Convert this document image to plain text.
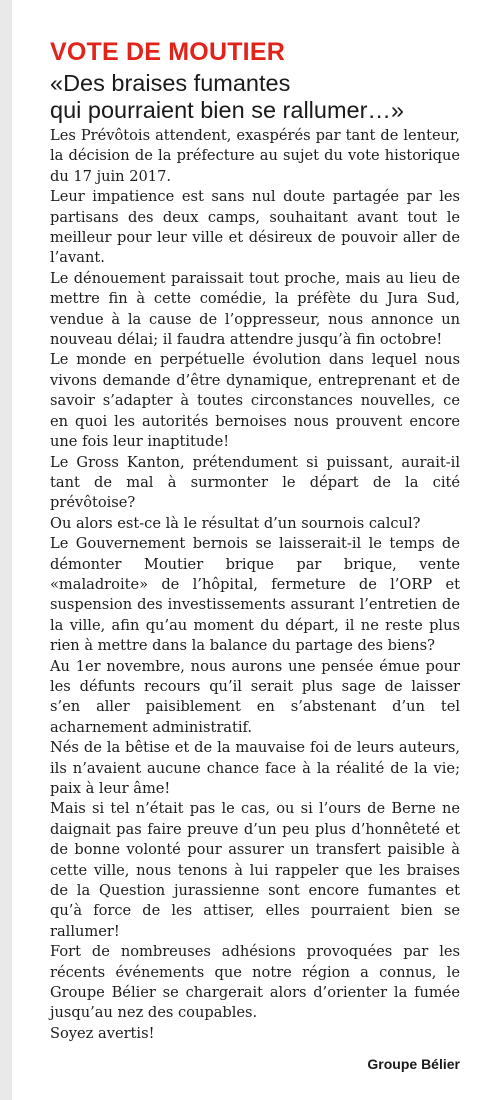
VOTE DE MOUTIER
«Des braises fumantes
qui pourraient bien se rallumer…»

Les Prévôtois attendent, exaspérés par tant de lenteur, la décision de la préfecture au sujet du vote historique du 17 juin 2017.

Leur impatience est sans nul doute partagée par les partisans des deux camps, souhaitant avant tout le meilleur pour leur ville et désireux de pouvoir aller de l’avant.

Le dénouement paraissait tout proche, mais au lieu de mettre fin à cette comédie, la préfète du Jura Sud, vendue à la cause de l’oppresseur, nous annonce un nouveau délai; il faudra attendre jusqu’à fin octobre!

Le monde en perpétuelle évolution dans lequel nous vivons demande d’être dynamique, entreprenant et de savoir s’adapter à toutes circonstances nouvelles, ce en quoi les autorités bernoises nous prouvent encore une fois leur inaptitude!

Le Gross Kanton, prétendument si puissant, aurait-il tant de mal à surmonter le départ de la cité prévôtoise?

Ou alors est-ce là le résultat d’un sournois calcul?

Le Gouvernement bernois se laisserait-il le temps de démonter Moutier brique par brique, vente «maladroite» de l’hôpital, fermeture de l’ORP et suspension des investissements assurant l’entretien de la ville, afin qu’au moment du départ, il ne reste plus rien à mettre dans la balance du partage des biens?

Au 1er novembre, nous aurons une pensée émue pour les défunts recours qu’il serait plus sage de laisser s’en aller paisiblement en s’abstenant d’un tel acharnement administratif.

Nés de la bêtise et de la mauvaise foi de leurs auteurs, ils n’avaient aucune chance face à la réalité de la vie; paix à leur âme!

Mais si tel n’était pas le cas, ou si l’ours de Berne ne daignait pas faire preuve d’un peu plus d’honnêteté et de bonne volonté pour assurer un transfert paisible à cette ville, nous tenons à lui rappeler que les braises de la Question jurassienne sont encore fumantes et qu’à force de les attiser, elles pourraient bien se rallumer!

Fort de nombreuses adhésions provoquées par les récents événements que notre région a connus, le Groupe Bélier se chargerait alors d’orienter la fumée jusqu’au nez des coupables.

Soyez avertis!

Groupe Bélier
